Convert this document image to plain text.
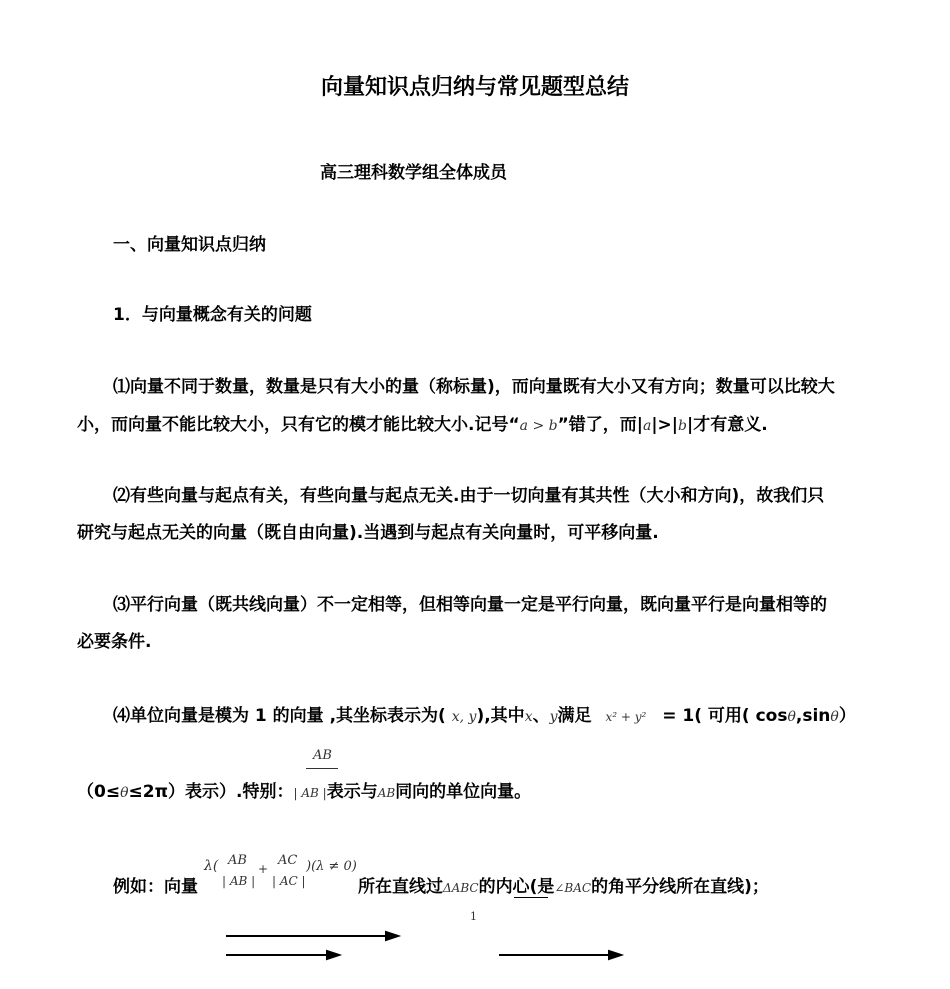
向量知识点归纳与常见题型总结
高三理科数学组全体成员
一、向量知识点归纳
1．与向量概念有关的问题
⑴向量不同于数量，数量是只有大小的量（称标量)，而向量既有大小又有方向；数量可以比较大
小，而向量不能比较大小，只有它的模才能比较大小.记号“a > b”错了，而|a|>|b|才有意义.
⑵有些向量与起点有关，有些向量与起点无关.由于一切向量有其共性（大小和方向)，故我们只
研究与起点无关的向量（既自由向量).当遇到与起点有关向量时，可平移向量.
⑶平行向量（既共线向量）不一定相等，但相等向量一定是平行向量，既向量平行是向量相等的
必要条件.
⑷单位向量是模为 1 的向量 ,其坐标表示为( x, y),其中x、y满足 x² + y² = 1( 可用( cosθ,sinθ）
AB
（0≤θ≤2π）表示）.特别：| AB |表示与AB同向的单位向量。
λ( AB
| AB |
+
AC
| AC |
)(λ ≠ 0)
例如：向量	所在直线过ΔABC的内心(是∠BAC的角平分线所在直线)；
1
